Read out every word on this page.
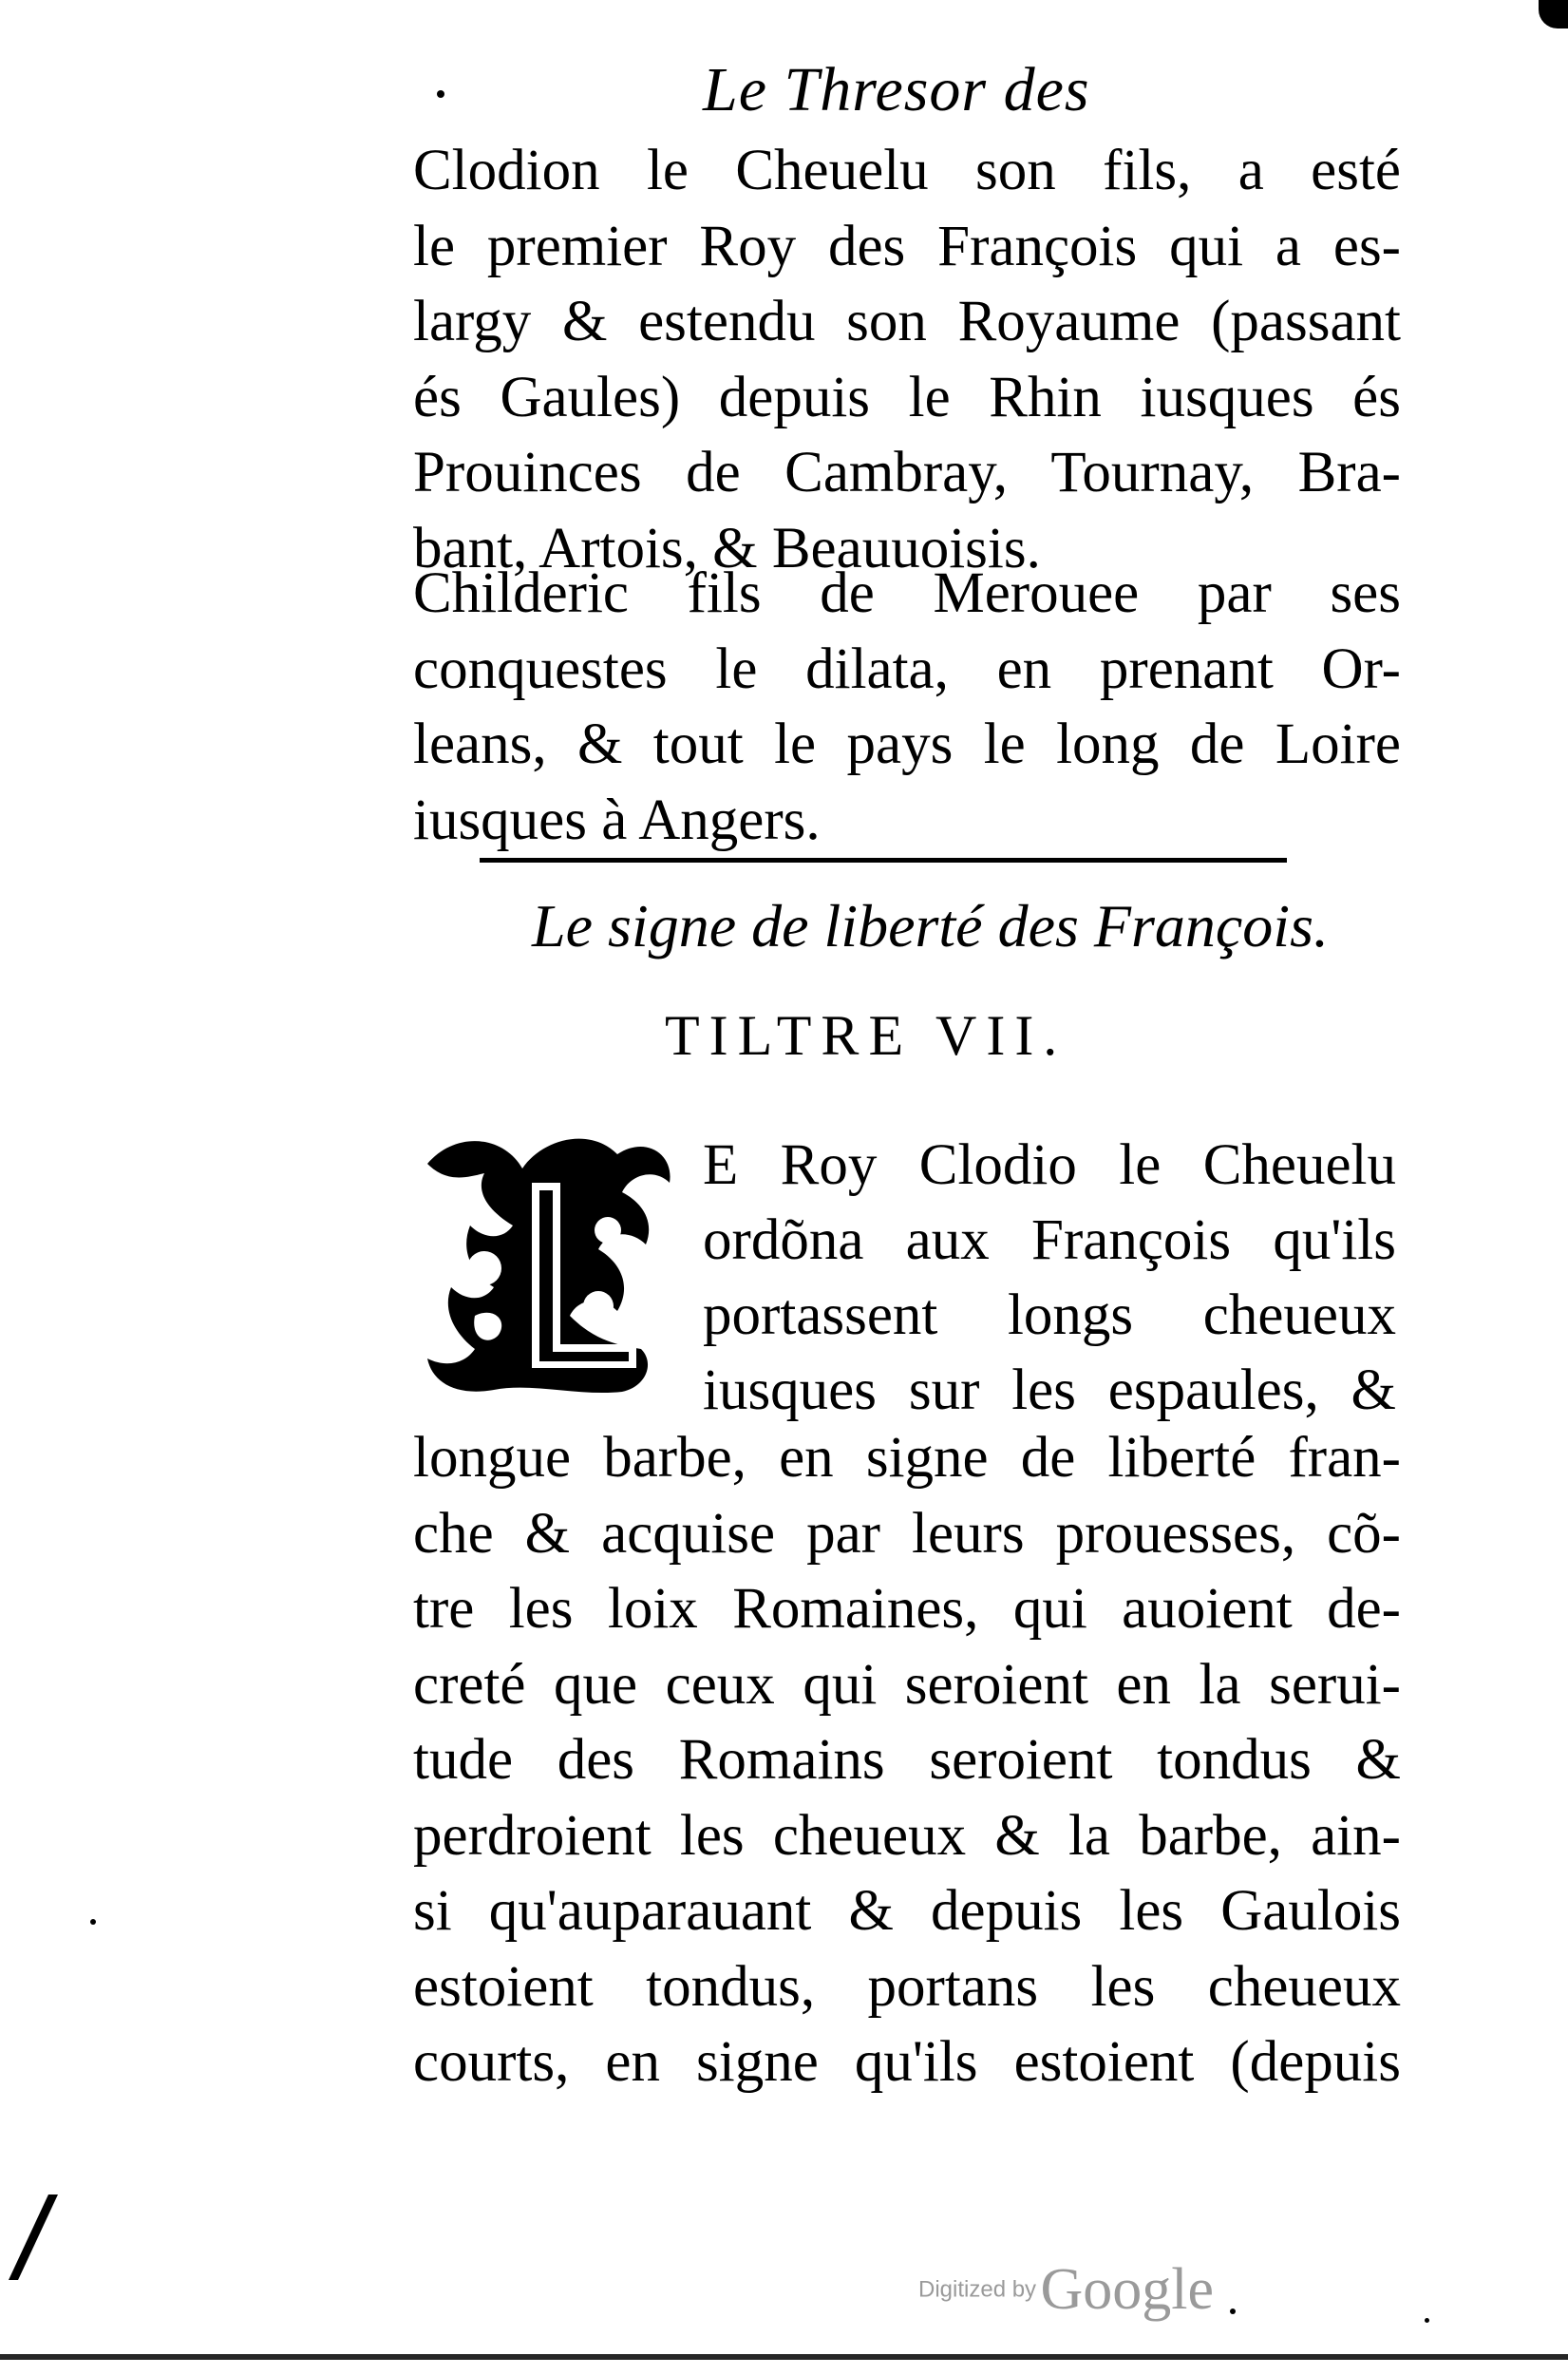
Le Thresor des
Clodion le Cheuelu son fils, a esté
le premier Roy des François qui a es-
largy & estendu son Royaume (passant
és Gaules) depuis le Rhin iusques és
Prouinces de Cambray, Tournay, Bra-
bant, Artois, & Beauuoisis.
Childeric fils de Merouee par ses
conquestes le dilata, en prenant Or-
leans, & tout le pays le long de Loire
iusques à Angers.
Le signe de liberté des François.
TILTRE VII.
L
E Roy Clodio le Cheuelu
ordõna aux François qu'ils
portassent longs cheueux
iusques sur les espaules, &
longue barbe, en signe de liberté fran-
che & acquise par leurs prouesses, cõ-
tre les loix Romaines, qui auoient de-
creté que ceux qui seroient en la serui-
tude des Romains seroient tondus &
perdroient les cheueux & la barbe, ain-
si qu'auparauant & depuis les Gaulois
estoient tondus, portans les cheueux
courts, en signe qu'ils estoient (depuis
Digitized by Google
